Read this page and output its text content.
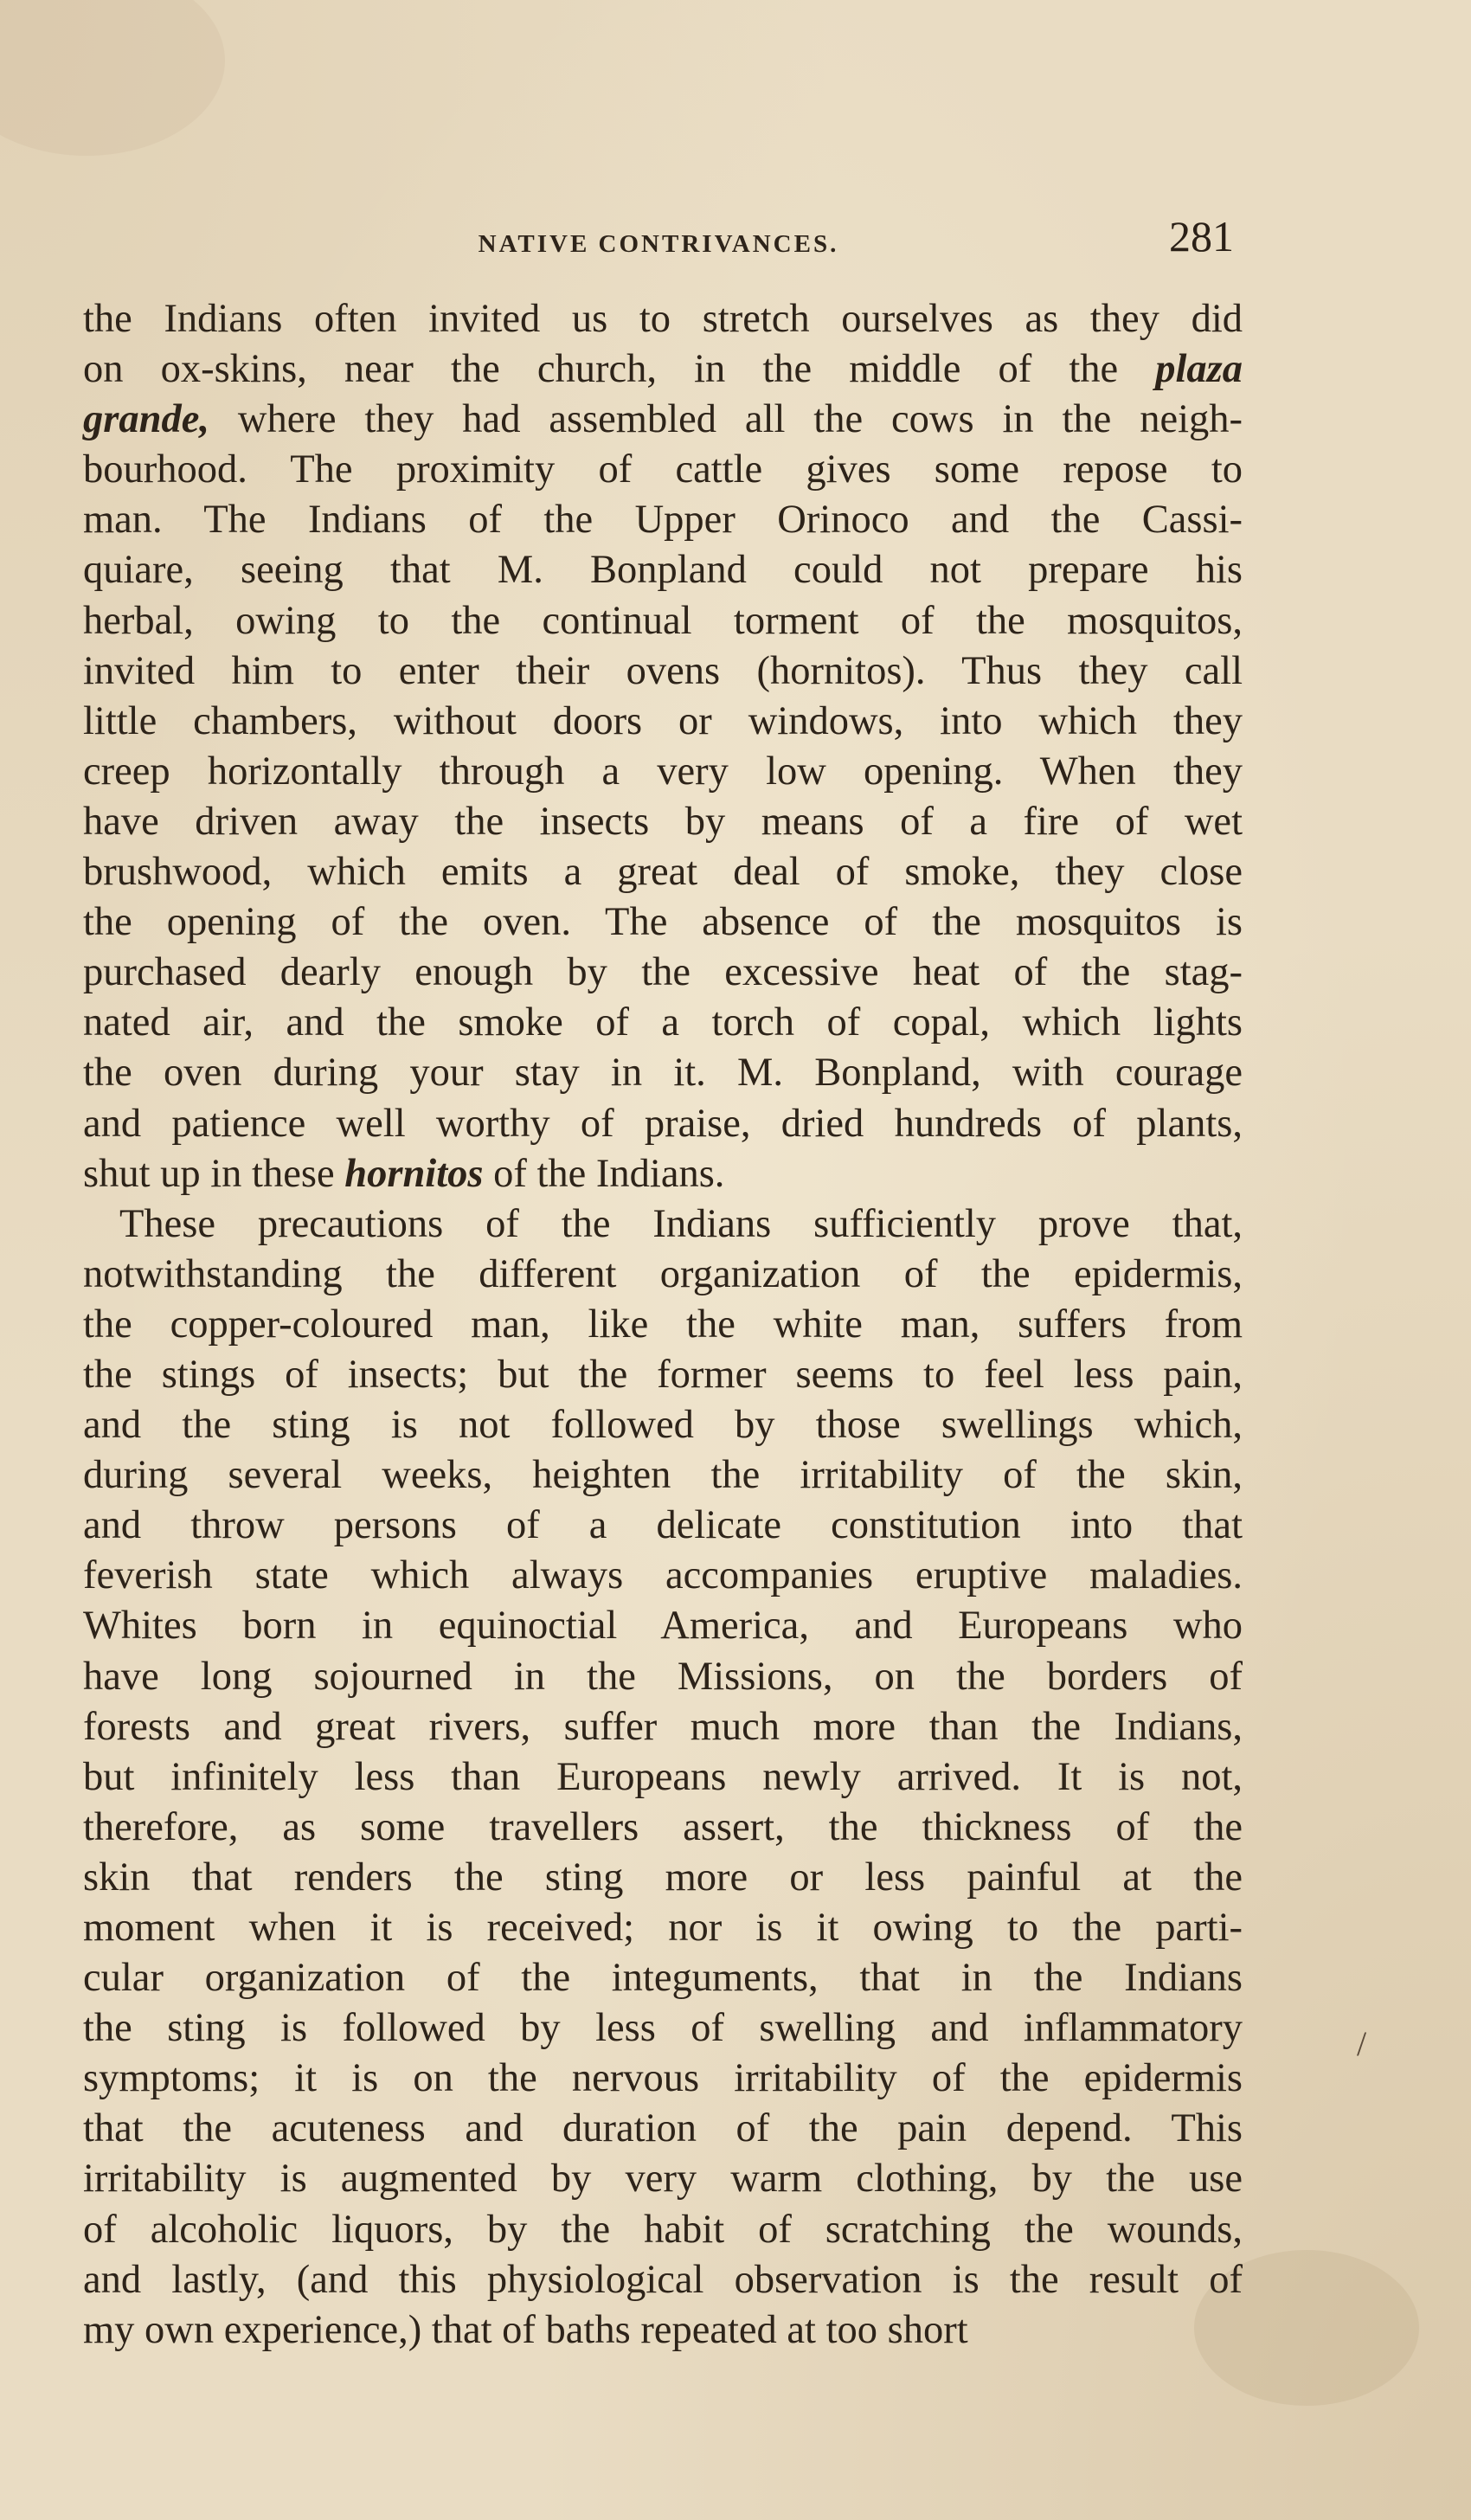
NATIVE CONTRIVANCES.	281
the Indians often invited us to stretch ourselves as they did
on ox-skins, near the church, in the middle of the plaza
grande, where they had assembled all the cows in the neigh-
bourhood. The proximity of cattle gives some repose to
man. The Indians of the Upper Orinoco and the Cassi-
quiare, seeing that M. Bonpland could not prepare his
herbal, owing to the continual torment of the mosquitos,
invited him to enter their ovens (hornitos). Thus they call
little chambers, without doors or windows, into which they
creep horizontally through a very low opening. When they
have driven away the insects by means of a fire of wet
brushwood, which emits a great deal of smoke, they close
the opening of the oven. The absence of the mosquitos is
purchased dearly enough by the excessive heat of the stag-
nated air, and the smoke of a torch of copal, which lights
the oven during your stay in it. M. Bonpland, with courage
and patience well worthy of praise, dried hundreds of plants,
shut up in these hornitos of the Indians.
These precautions of the Indians sufficiently prove that,
notwithstanding the different organization of the epidermis,
the copper-coloured man, like the white man, suffers from
the stings of insects; but the former seems to feel less pain,
and the sting is not followed by those swellings which,
during several weeks, heighten the irritability of the skin,
and throw persons of a delicate constitution into that
feverish state which always accompanies eruptive maladies.
Whites born in equinoctial America, and Europeans who
have long sojourned in the Missions, on the borders of
forests and great rivers, suffer much more than the Indians,
but infinitely less than Europeans newly arrived. It is not,
therefore, as some travellers assert, the thickness of the
skin that renders the sting more or less painful at the
moment when it is received; nor is it owing to the parti-
cular organization of the integuments, that in the Indians
the sting is followed by less of swelling and inflammatory
symptoms; it is on the nervous irritability of the epidermis
that the acuteness and duration of the pain depend. This
irritability is augmented by very warm clothing, by the use
of alcoholic liquors, by the habit of scratching the wounds,
and lastly, (and this physiological observation is the result of
my own experience,) that of baths repeated at too short
/
